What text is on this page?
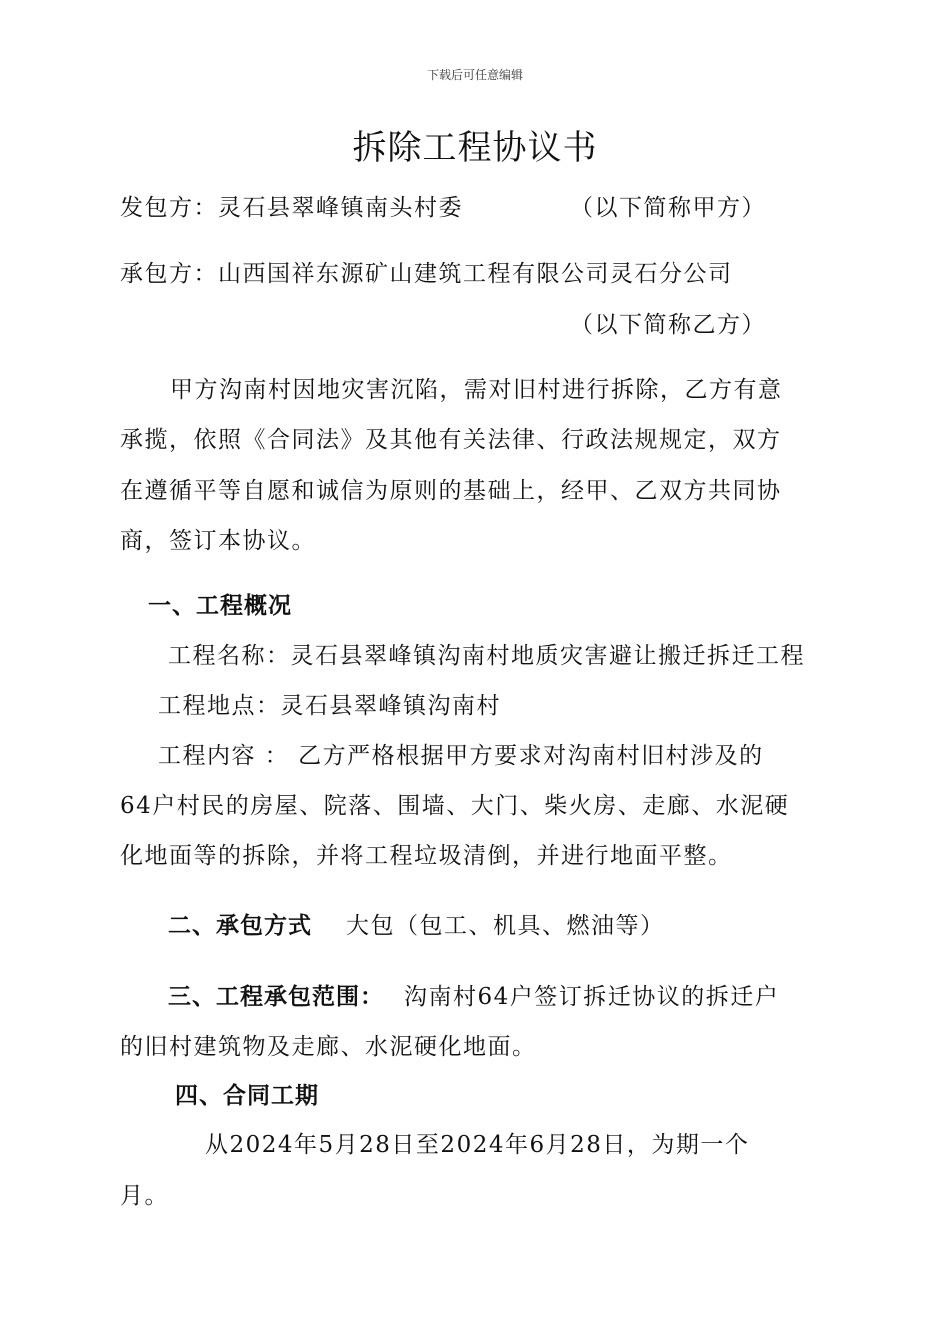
下载后可任意编辑
拆除工程协议书
发包方：灵石县翠峰镇南头村委	（以下简称甲方）
承包方：山西国祥东源矿山建筑工程有限公司灵石分公司
（以下简称乙方）
甲方沟南村因地灾害沉陷，需对旧村进行拆除，乙方有意
承揽，依照《合同法》及其他有关法律、行政法规规定，双方
在遵循平等自愿和诚信为原则的基础上，经甲、乙双方共同协
商，签订本协议。
一、工程概况
工程名称：灵石县翠峰镇沟南村地质灾害避让搬迁拆迁工程
工程地点：灵石县翠峰镇沟南村
工程内容 ： 乙方严格根据甲方要求对沟南村旧村涉及的
64户村民的房屋、院落、围墙、大门、柴火房、走廊、水泥硬
化地面等的拆除，并将工程垃圾清倒，并进行地面平整。
二、承包方式 大包（包工、机具、燃油等）
三、工程承包范围： 沟南村64户签订拆迁协议的拆迁户
的旧村建筑物及走廊、水泥硬化地面。
四、合同工期
从2024年5月28日至2024年6月28日，为期一个
月。
